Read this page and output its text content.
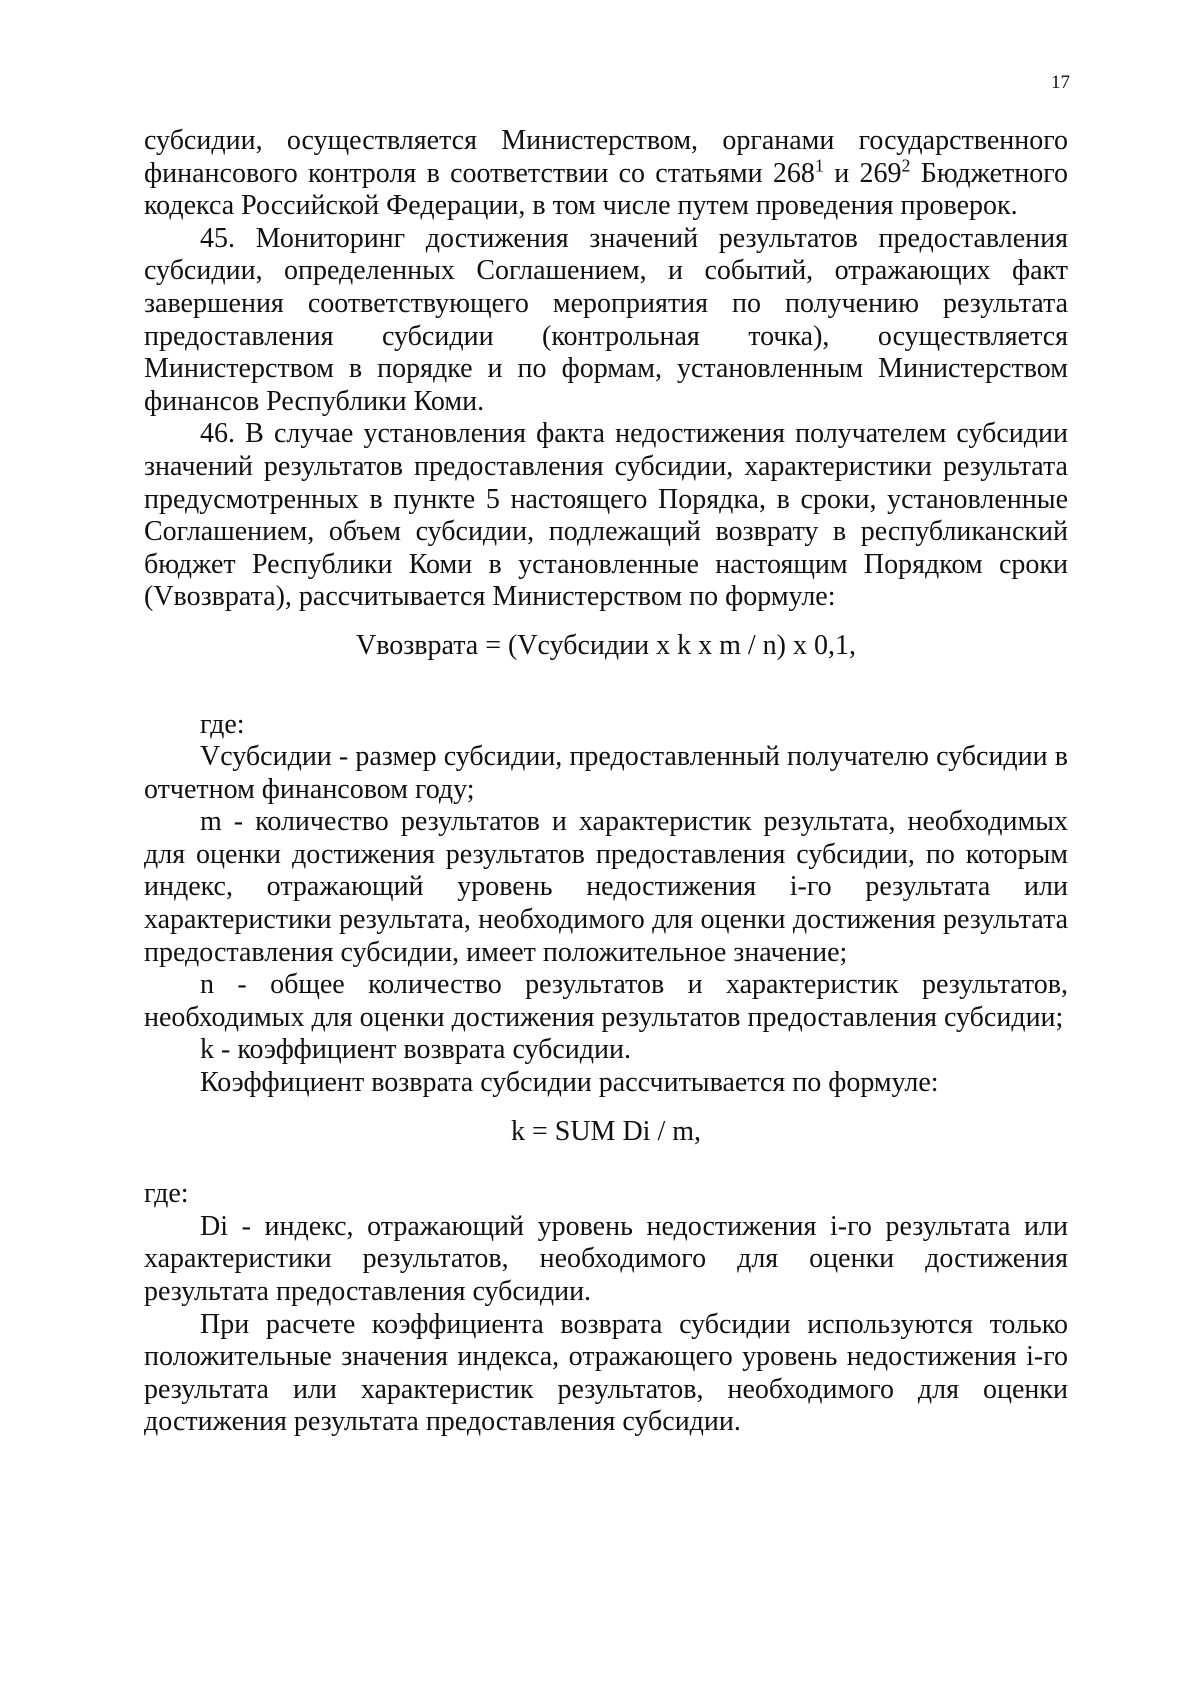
17

субсидии, осуществляется Министерством, органами государственного финансового контроля в соответствии со статьями $268^1$ и $269^2$ Бюджетного кодекса Российской Федерации, в том числе путем проведения проверок.

45. Мониторинг достижения значений результатов предоставления субсидии, определенных Соглашением, и событий, отражающих факт завершения соответствующего мероприятия по получению результата предоставления субсидии (контрольная точка), осуществляется Министерством в порядке и по формам, установленным Министерством финансов Республики Коми.

46. В случае установления факта недостижения получателем субсидии значений результатов предоставления субсидии, характеристики результата предусмотренных в пункте 5 настоящего Порядка, в сроки, установленные Соглашением, объем субсидии, подлежащий возврату в республиканский бюджет Республики Коми в установленные настоящим Порядком сроки (Vвозврата), рассчитывается Министерством по формуле:

Vвозврата = (Vсубсидии x k x m / n) x 0,1,

где:

Vсубсидии - размер субсидии, предоставленный получателю субсидии в отчетном финансовом году;

m - количество результатов и характеристик результата, необходимых для оценки достижения результатов предоставления субсидии, по которым индекс, отражающий уровень недостижения i-го результата или характеристики результата, необходимого для оценки достижения результата предоставления субсидии, имеет положительное значение;

n - общее количество результатов и характеристик результатов, необходимых для оценки достижения результатов предоставления субсидии;

k - коэффициент возврата субсидии.

Коэффициент возврата субсидии рассчитывается по формуле:

k = SUM Di / m,

где:

Di - индекс, отражающий уровень недостижения i-го результата или характеристики результатов, необходимого для оценки достижения результата предоставления субсидии.

При расчете коэффициента возврата субсидии используются только положительные значения индекса, отражающего уровень недостижения i-го результата или характеристик результатов, необходимого для оценки достижения результата предоставления субсидии.
